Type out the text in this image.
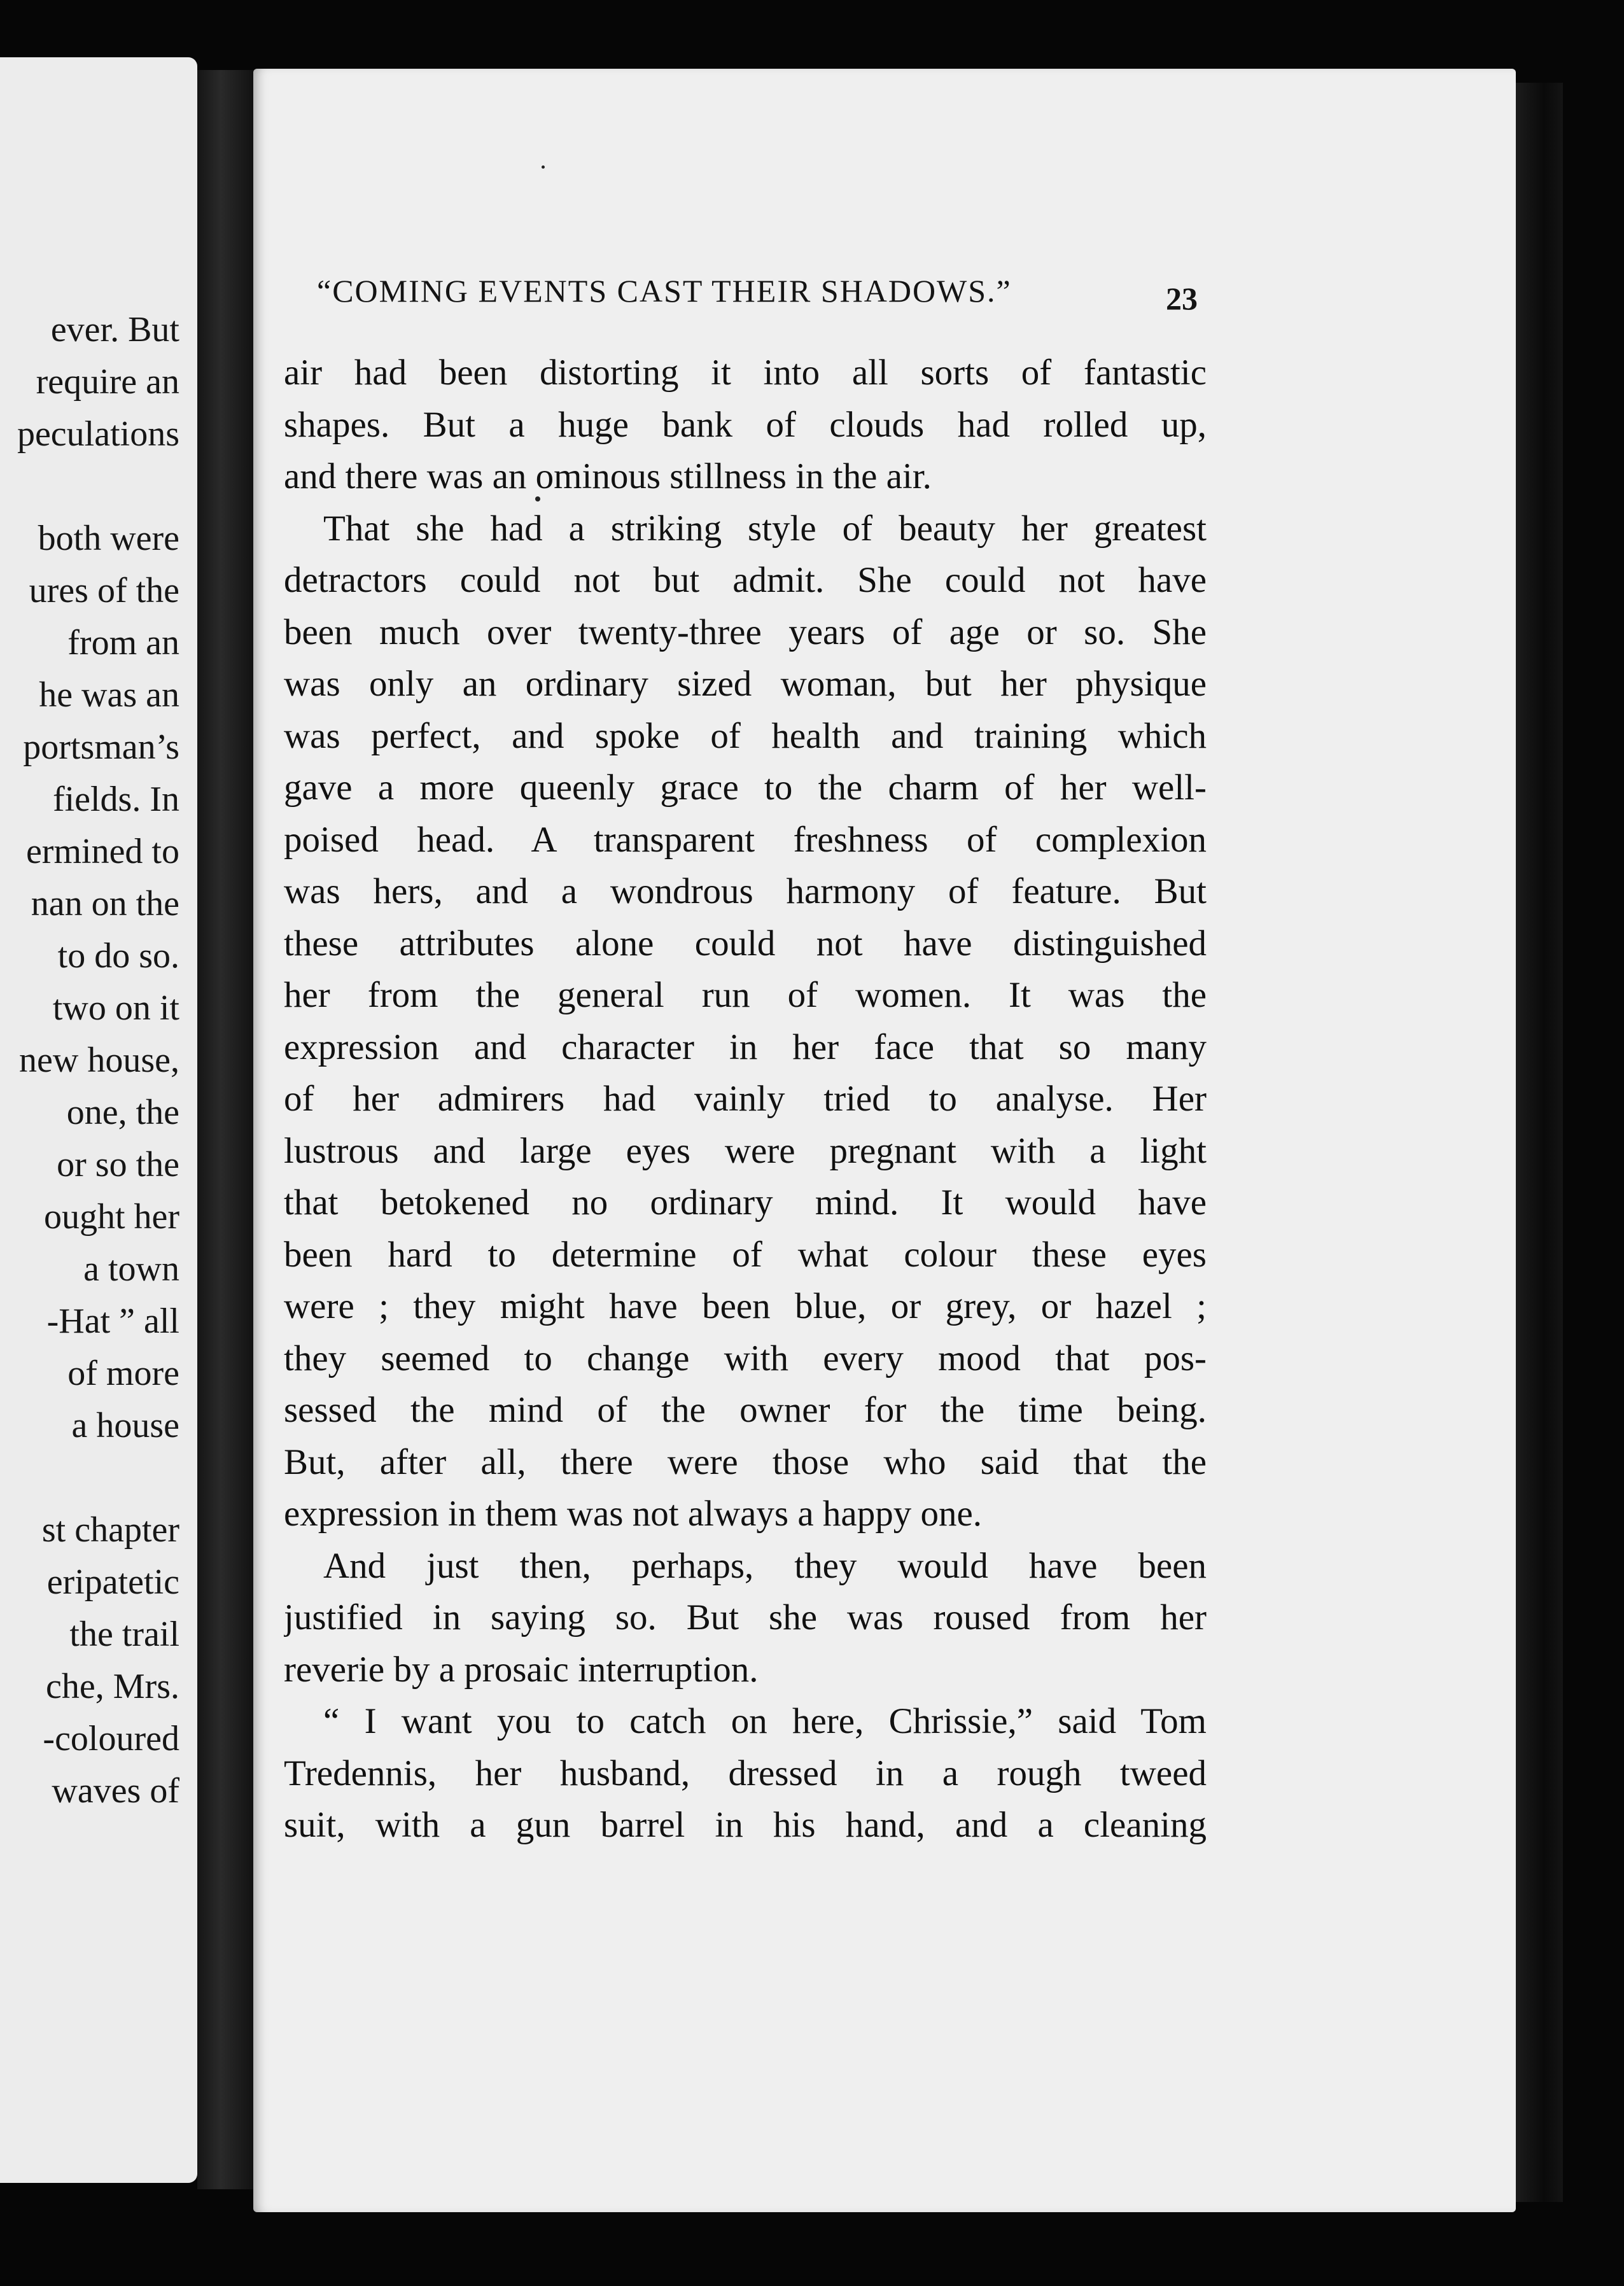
ever. But
require an
peculations
both were
ures of the
from an
he was an
portsman’s
fields. In
ermined to
nan on the
to do so.
two on it
new house,
one, the
or so the
ought her
a town
-Hat ” all
of more
a house
st chapter
eripatetic
the trail
che, Mrs.
-coloured
waves of
“COMING EVENTS CAST THEIR SHADOWS.”	23
air had been distorting it into all sorts of fantastic
shapes. But a huge bank of clouds had rolled up,
and there was an ominous stillness in the air.
That she had a striking style of beauty her greatest
detractors could not but admit. She could not have
been much over twenty-three years of age or so. She
was only an ordinary sized woman, but her physique
was perfect, and spoke of health and training which
gave a more queenly grace to the charm of her well-
poised head. A transparent freshness of complexion
was hers, and a wondrous harmony of feature. But
these attributes alone could not have distinguished
her from the general run of women. It was the
expression and character in her face that so many
of her admirers had vainly tried to analyse. Her
lustrous and large eyes were pregnant with a light
that betokened no ordinary mind. It would have
been hard to determine of what colour these eyes
were ; they might have been blue, or grey, or hazel ;
they seemed to change with every mood that pos-
sessed the mind of the owner for the time being.
But, after all, there were those who said that the
expression in them was not always a happy one.
And just then, perhaps, they would have been
justified in saying so. But she was roused from her
reverie by a prosaic interruption.
“ I want you to catch on here, Chrissie,” said Tom
Tredennis, her husband, dressed in a rough tweed
suit, with a gun barrel in his hand, and a cleaning
